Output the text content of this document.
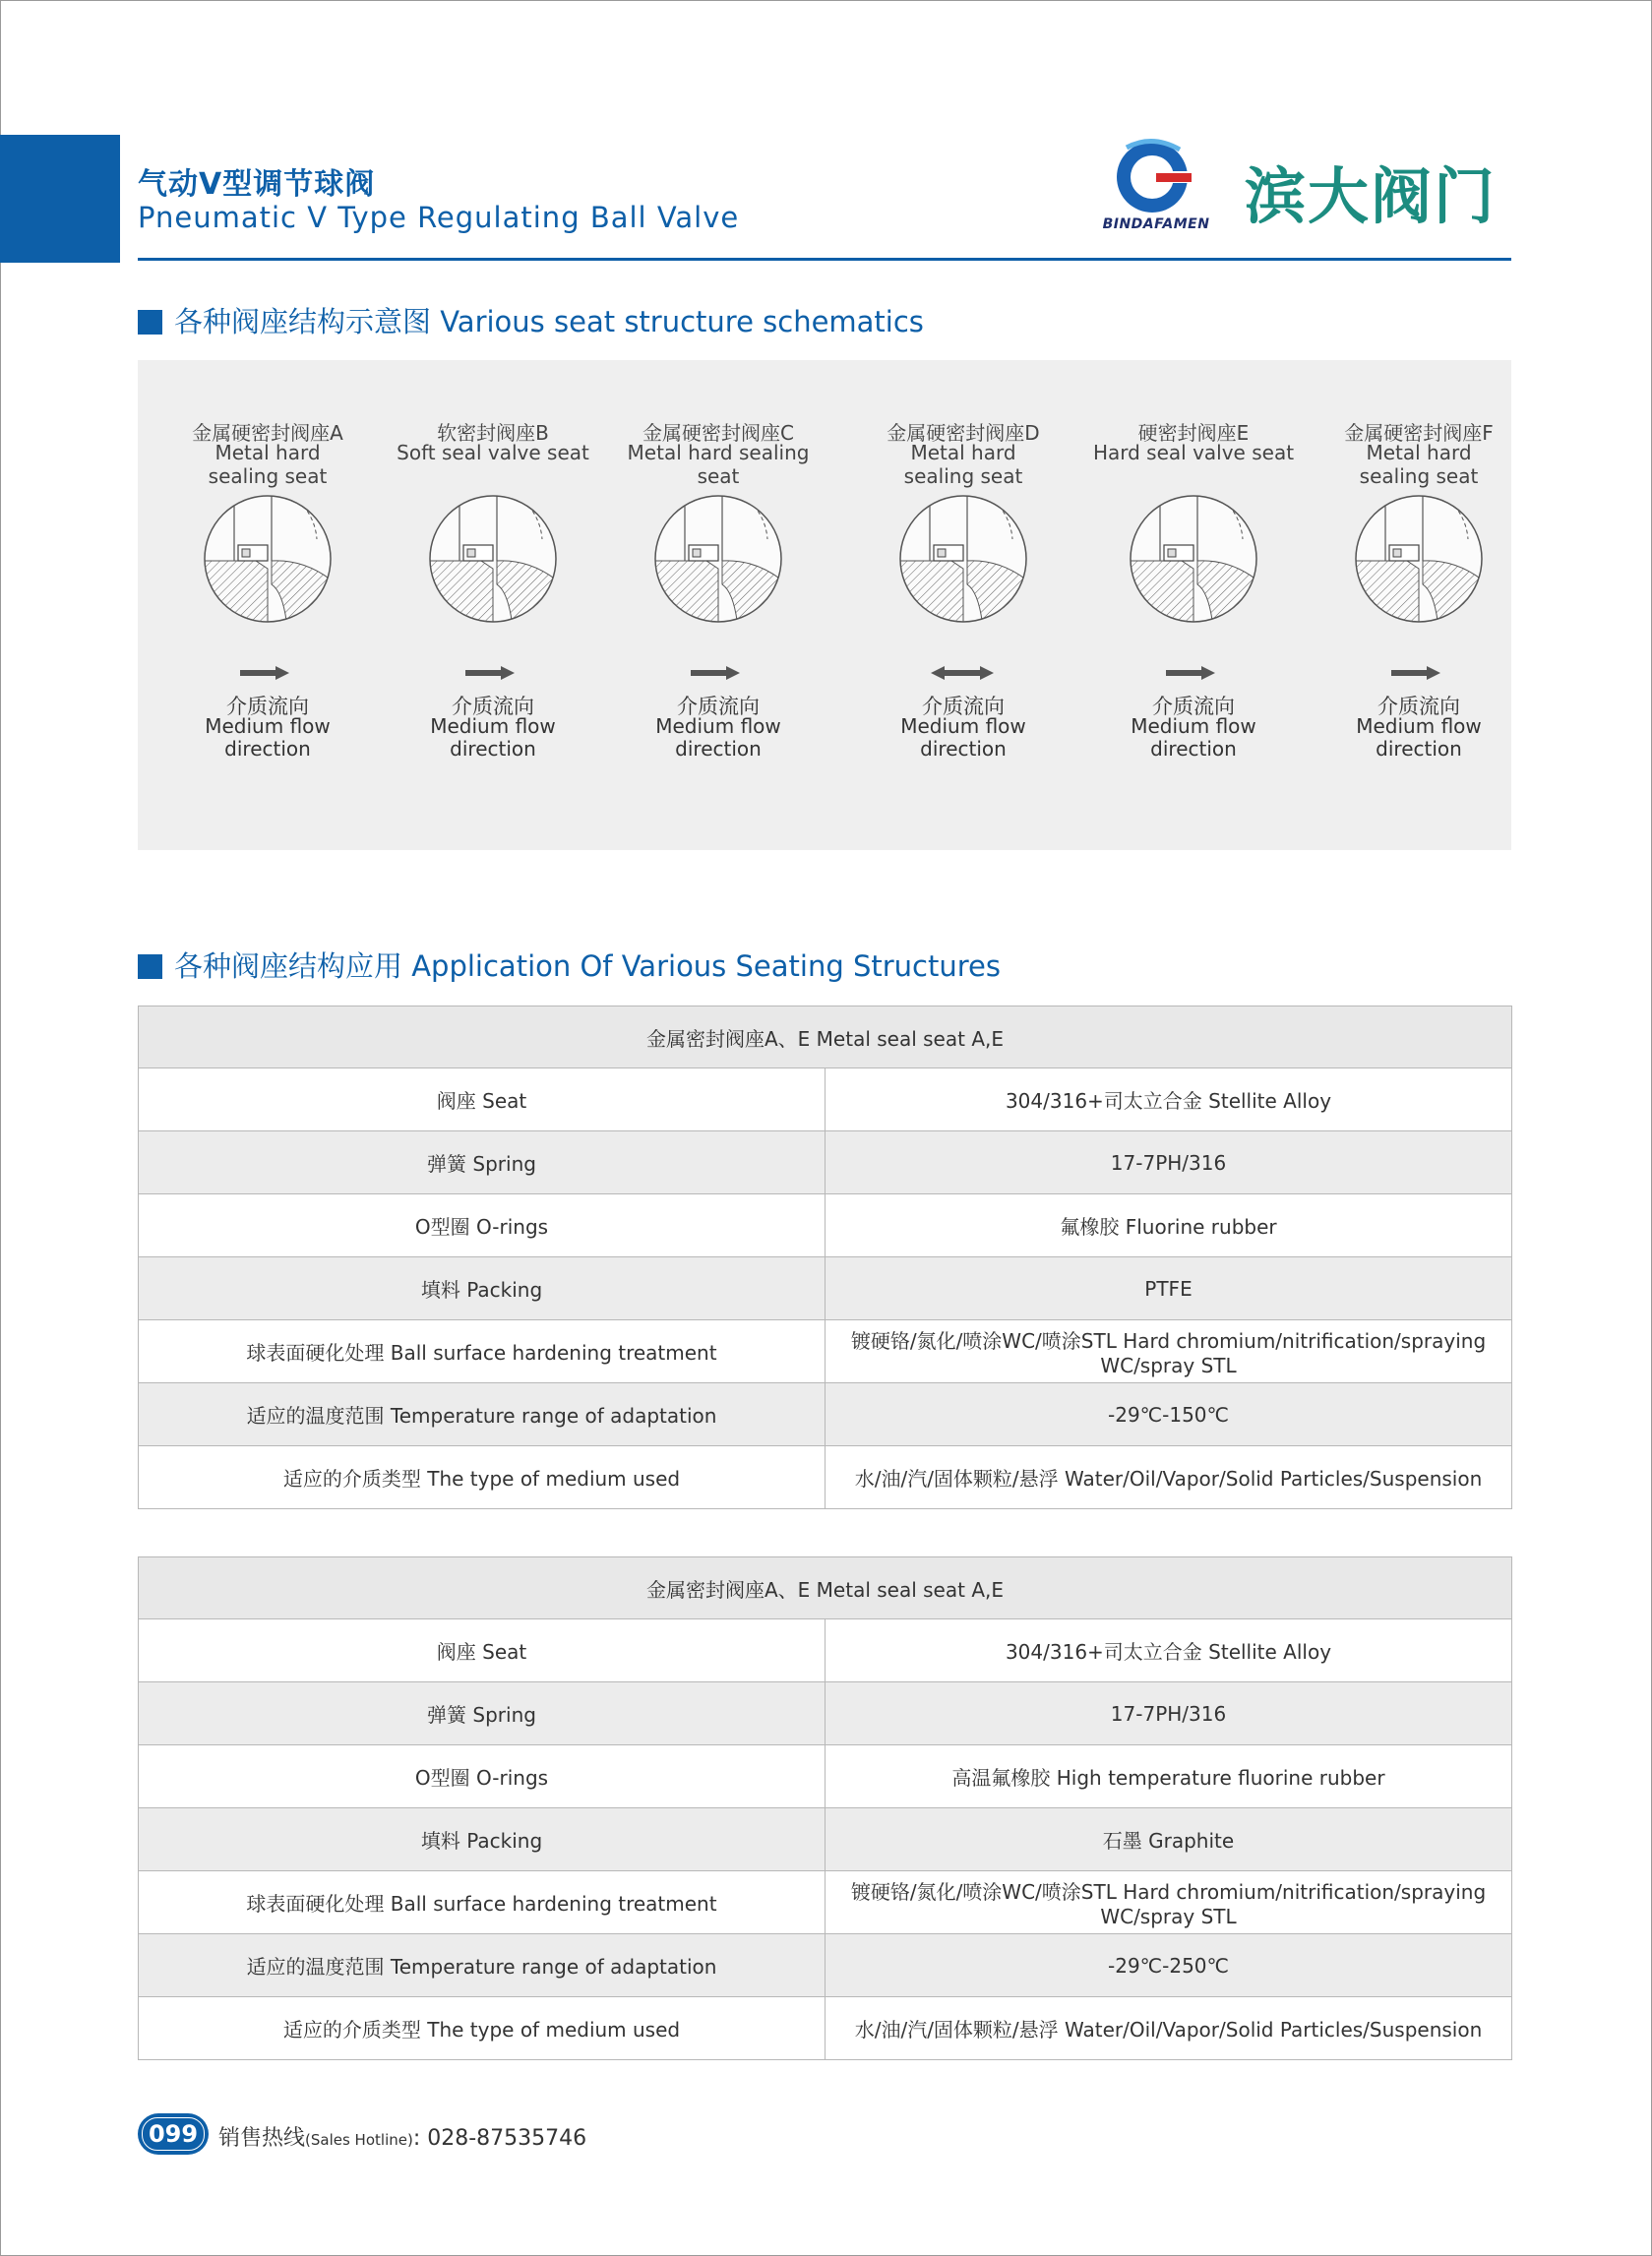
气动V型调节球阀
Pneumatic V Type Regulating Ball Valve	BINDAFAMEN 滨大阀门
各种阀座结构示意图 Various seat structure schematics
金属硬密封阀座A
Metal hard
sealing seat
介质流向
Medium flow
direction
软密封阀座B
Soft seal valve seat
介质流向
Medium flow
direction
金属硬密封阀座C
Metal hard sealing seat
介质流向
Medium flow
direction
金属硬密封阀座D
Metal hard
sealing seat
介质流向
Medium flow
direction
硬密封阀座E
Hard seal valve seat
介质流向
Medium flow
direction
金属硬密封阀座F
Metal hard
sealing seat
介质流向
Medium flow
direction
各种阀座结构应用 Application Of Various Seating Structures
金属密封阀座A、E Metal seal seat A,E	
阀座 Seat	304/316+司太立合金 Stellite Alloy
弹簧 Spring	17-7PH/316
O型圈 O-rings	氟橡胶 Fluorine rubber
填料 Packing	PTFE
球表面硬化处理 Ball surface hardening treatment	镀硬铬/氮化/喷涂WC/喷涂STL Hard chromium/nitrification/spraying WC/spray STL
适应的温度范围 Temperature range of adaptation	-29℃-150℃
适应的介质类型 The type of medium used	水/油/汽/固体颗粒/悬浮 Water/Oil/Vapor/Solid Particles/Suspension
金属密封阀座A、E Metal seal seat A,E	
阀座 Seat	304/316+司太立合金 Stellite Alloy
弹簧 Spring	17-7PH/316
O型圈 O-rings	高温氟橡胶 High temperature fluorine rubber
填料 Packing	石墨 Graphite
球表面硬化处理 Ball surface hardening treatment	镀硬铬/氮化/喷涂WC/喷涂STL Hard chromium/nitrification/spraying WC/spray STL
适应的温度范围 Temperature range of adaptation	-29℃-250℃
适应的介质类型 The type of medium used	水/油/汽/固体颗粒/悬浮 Water/Oil/Vapor/Solid Particles/Suspension
099 销售热线(Sales Hotline): 028-87535746
